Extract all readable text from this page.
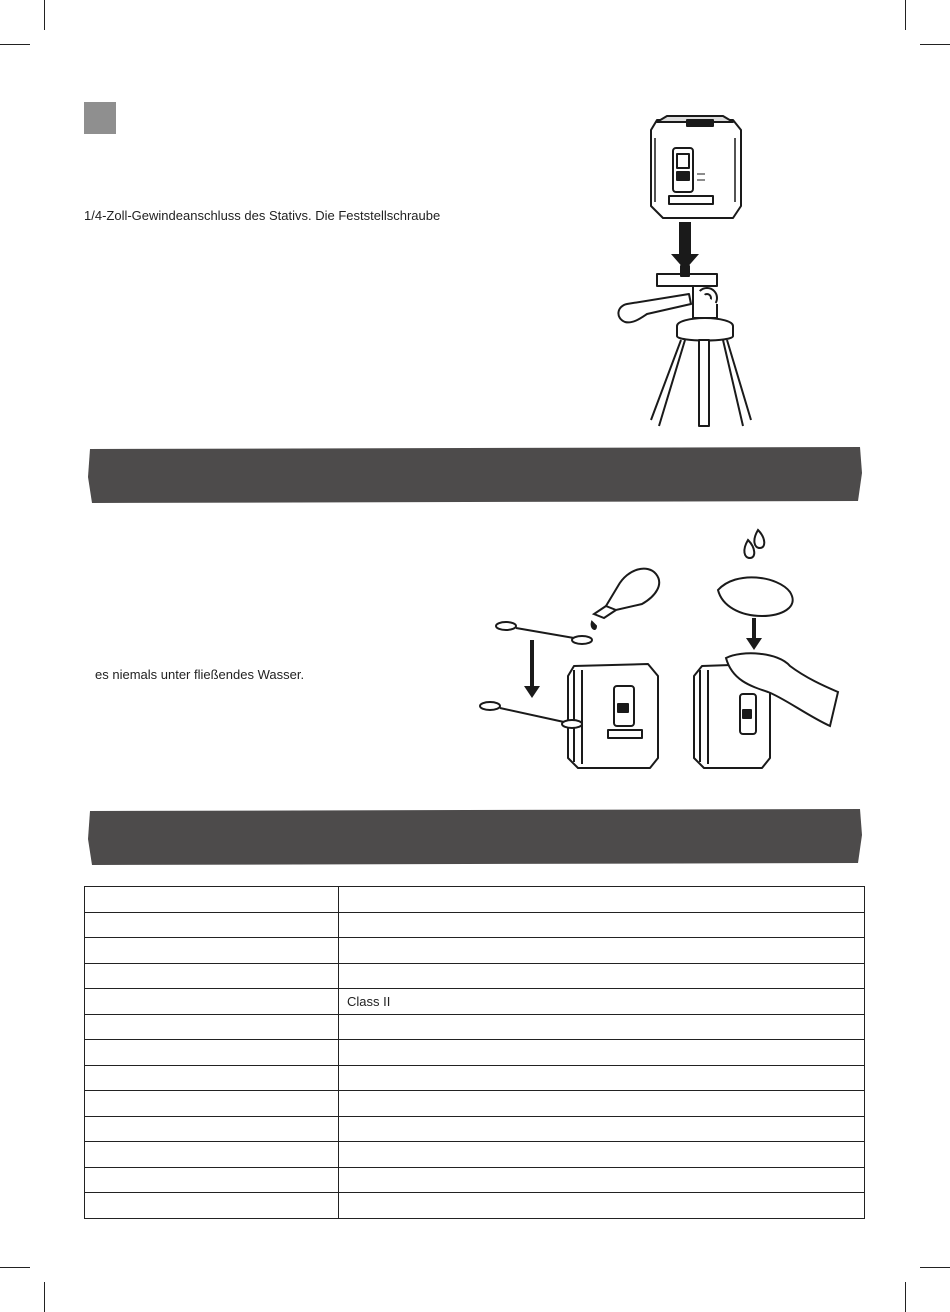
1/4-Zoll-Gewindeanschluss des Stativs. Die Feststellschraube
es niemals unter fließendes Wasser.

	Class II
